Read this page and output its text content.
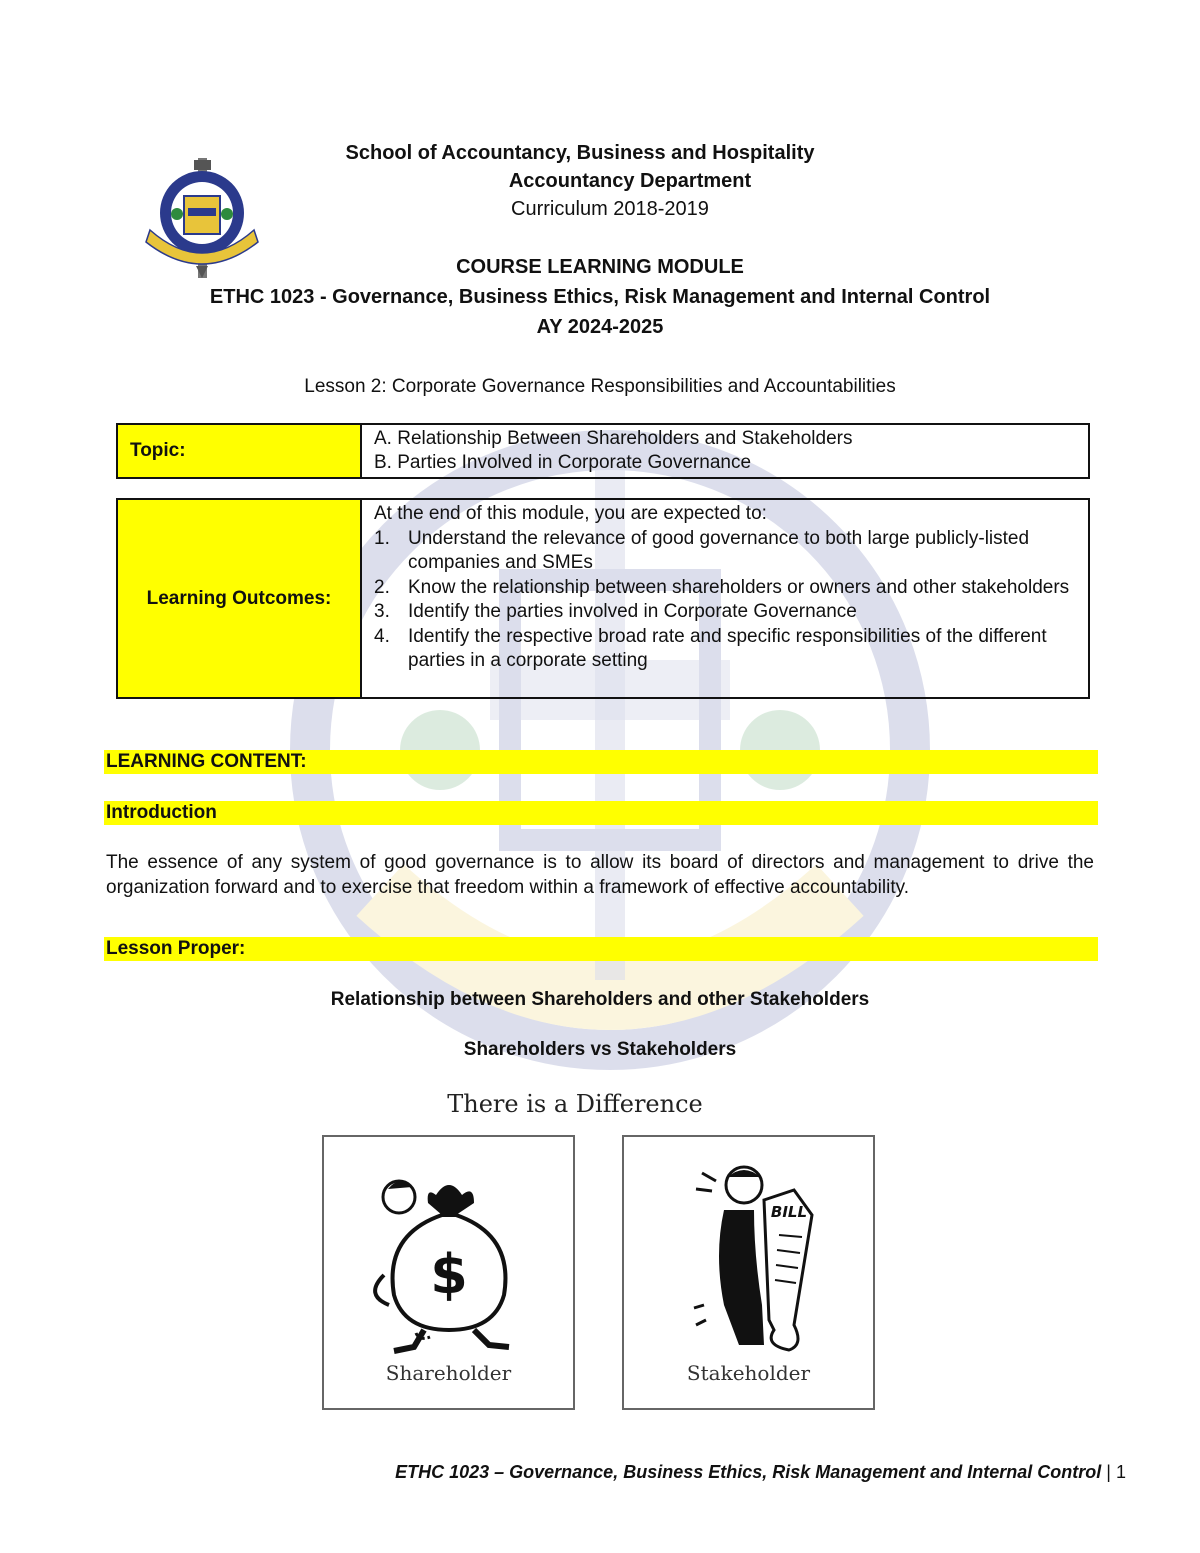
School of Accountancy, Business and Hospitality
Accountancy Department
Curriculum 2018-2019
COURSE LEARNING MODULE
ETHC 1023 - Governance, Business Ethics, Risk Management and Internal Control
AY 2024-2025
Lesson 2: Corporate Governance Responsibilities and Accountabilities
Topic:	
A. Relationship Between Shareholders and Stakeholders
B. Parties Involved in Corporate Governance
Learning Outcomes:	
At the end of this module, you are expected to:
1. Understand the relevance of good governance to both large publicly-listed companies and SMEs
2. Know the relationship between shareholders or owners and other stakeholders
3. Identify the parties involved in Corporate Governance
4. Identify the respective broad rate and specific responsibilities of the different parties in a corporate setting
LEARNING CONTENT:
Introduction

The essence of any system of good governance is to allow its board of directors and management to drive the organization forward and to exercise that freedom within a framework of effective accountability.

Lesson Proper:
Relationship between Shareholders and other Stakeholders
Shareholders vs Stakeholders
There is a Difference
$
Shareholder
BILL
Stakeholder
ETHC 1023 – Governance, Business Ethics, Risk Management and Internal Control | 1
